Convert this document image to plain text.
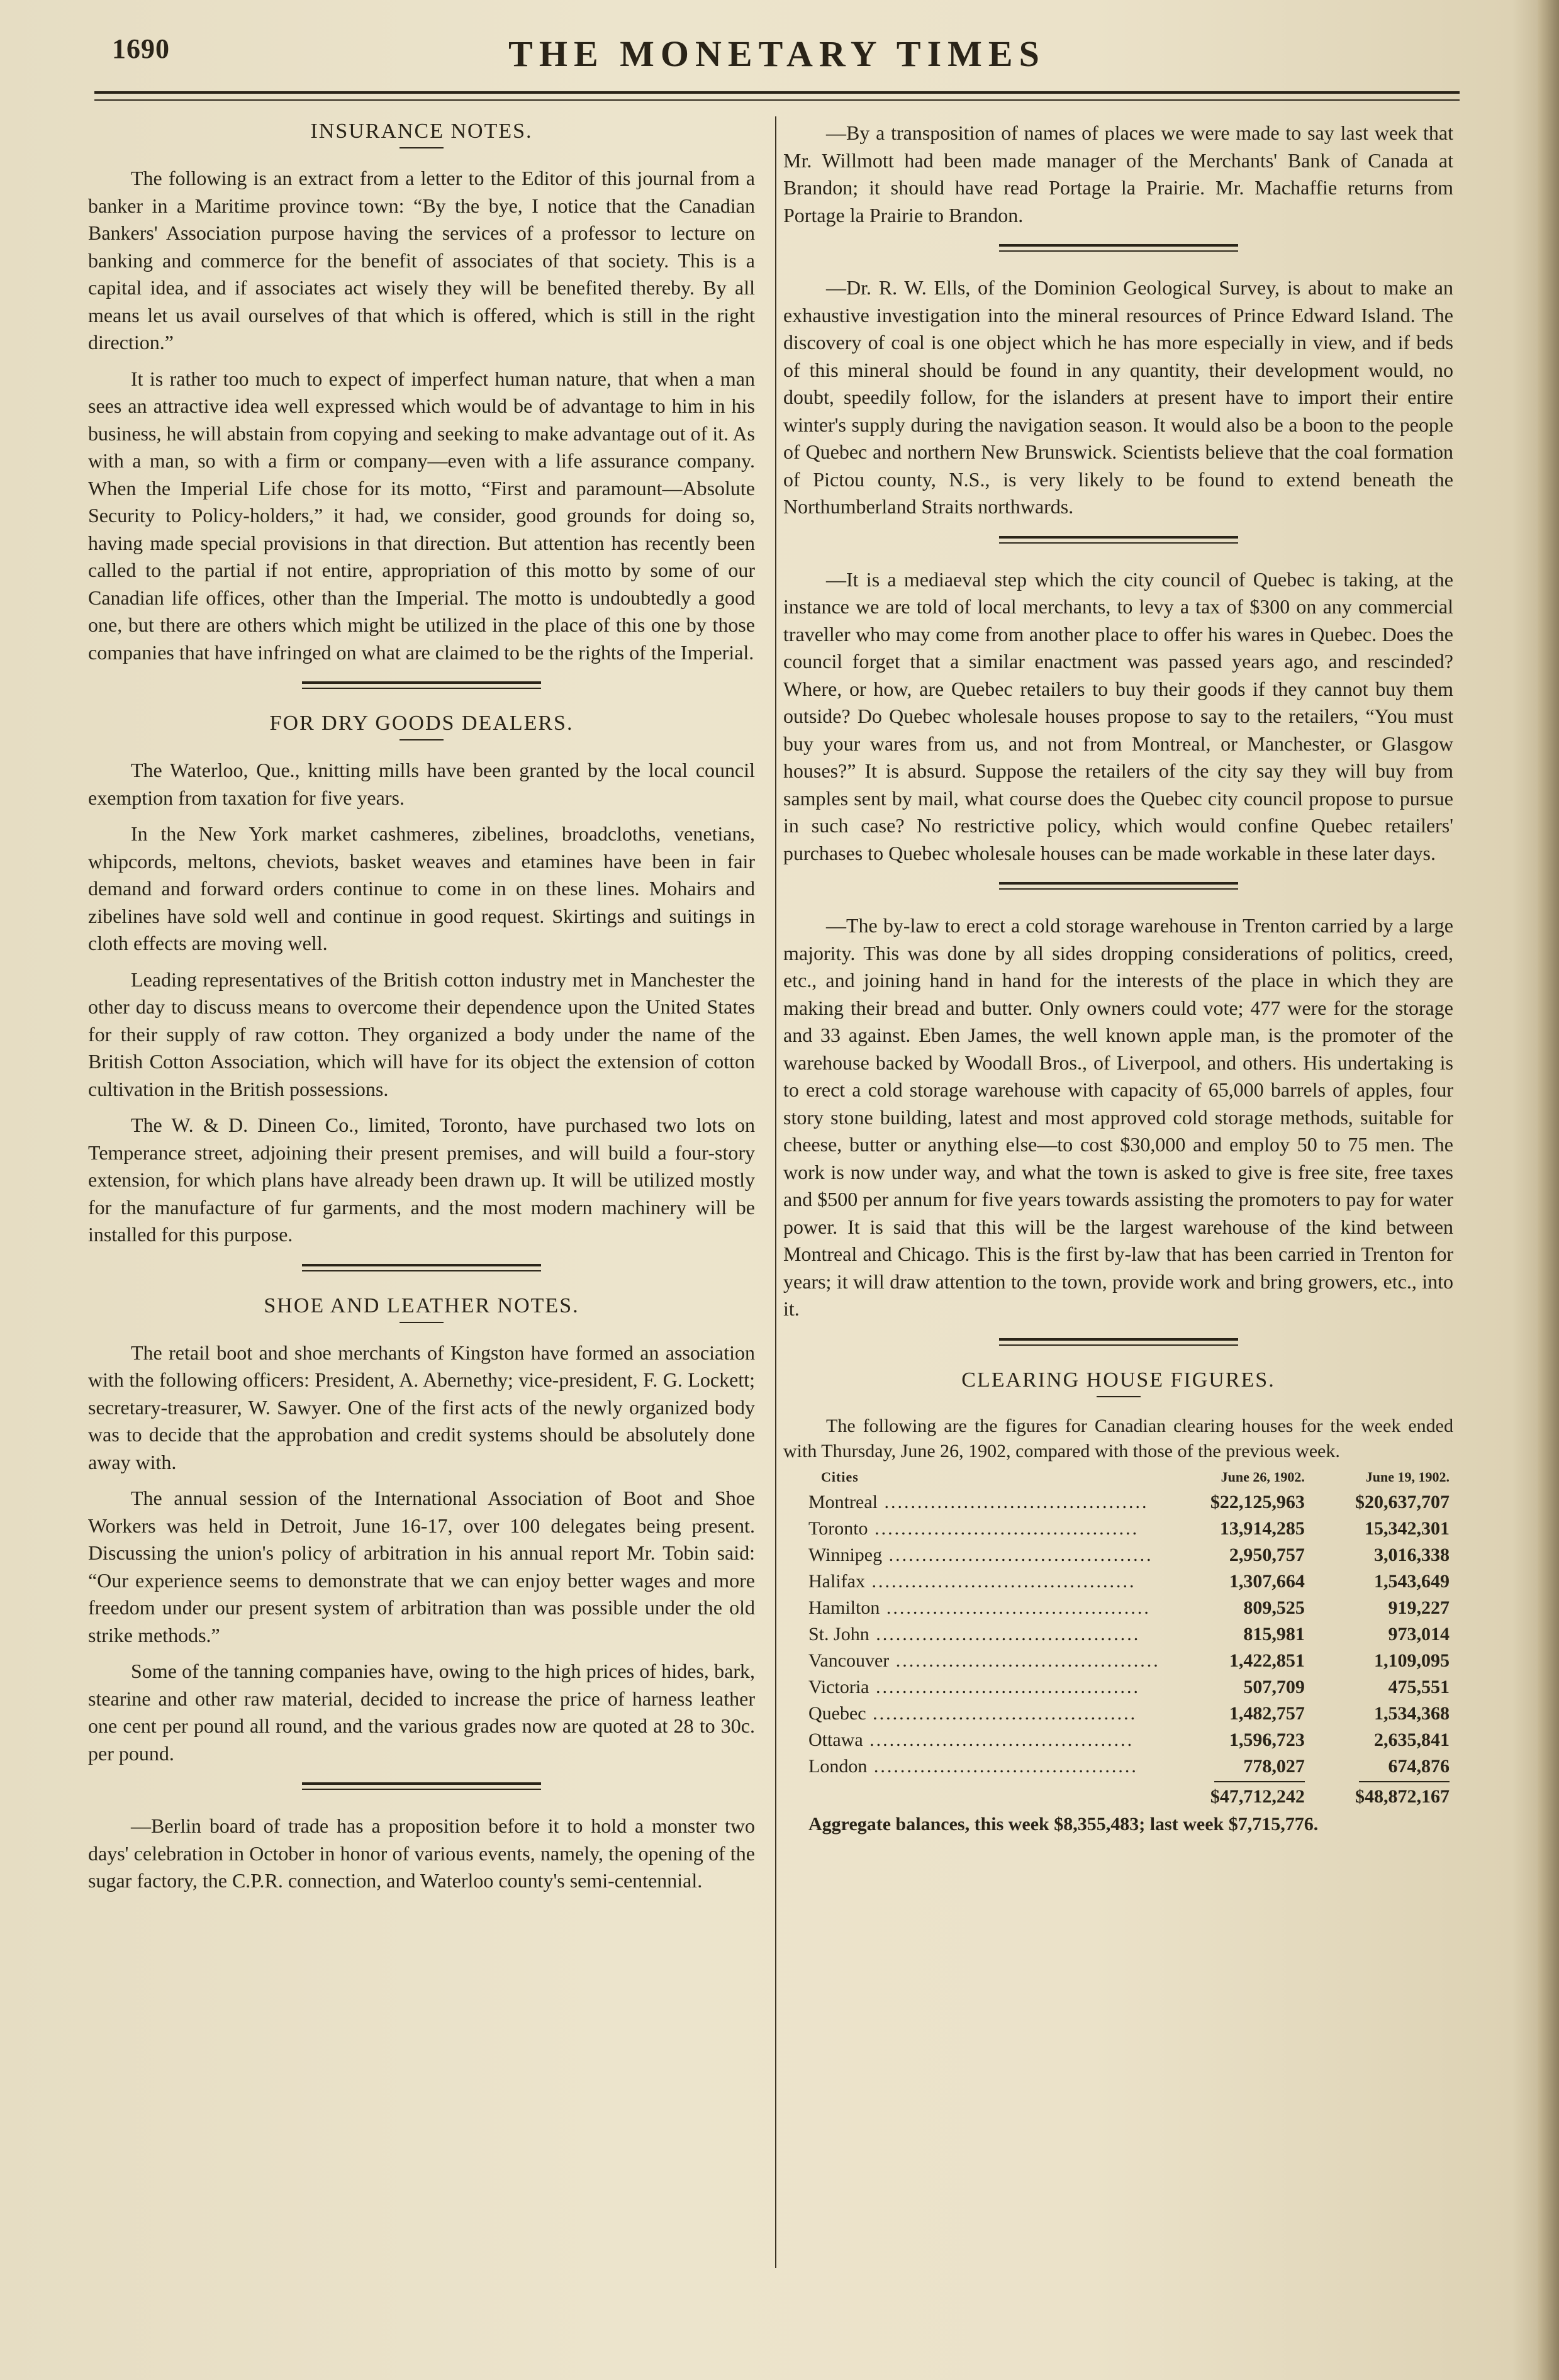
1690	THE MONETARY TIMES
INSURANCE NOTES.

The following is an extract from a letter to the Editor of this journal from a banker in a Maritime province town: “By the bye, I notice that the Canadian Bankers' Association purpose having the services of a professor to lecture on banking and commerce for the benefit of associates of that society. This is a capital idea, and if associates act wisely they will be benefited thereby. By all means let us avail ourselves of that which is offered, which is still in the right direction.”

It is rather too much to expect of imperfect human nature, that when a man sees an attractive idea well expressed which would be of advantage to him in his business, he will abstain from copying and seeking to make advantage out of it. As with a man, so with a firm or company—even with a life assurance company. When the Imperial Life chose for its motto, “First and paramount—Absolute Security to Policy-holders,” it had, we consider, good grounds for doing so, having made special provisions in that direction. But attention has recently been called to the partial if not entire, appropriation of this motto by some of our Canadian life offices, other than the Imperial. The motto is undoubtedly a good one, but there are others which might be utilized in the place of this one by those companies that have infringed on what are claimed to be the rights of the Imperial.

FOR DRY GOODS DEALERS.

The Waterloo, Que., knitting mills have been granted by the local council exemption from taxation for five years.

In the New York market cashmeres, zibelines, broadcloths, venetians, whipcords, meltons, cheviots, basket weaves and etamines have been in fair demand and forward orders continue to come in on these lines. Mohairs and zibelines have sold well and continue in good request. Skirtings and suitings in cloth effects are moving well.

Leading representatives of the British cotton industry met in Manchester the other day to discuss means to overcome their dependence upon the United States for their supply of raw cotton. They organized a body under the name of the British Cotton Association, which will have for its object the extension of cotton cultivation in the British possessions.

The W. & D. Dineen Co., limited, Toronto, have purchased two lots on Temperance street, adjoining their present premises, and will build a four-story extension, for which plans have already been drawn up. It will be utilized mostly for the manufacture of fur garments, and the most modern machinery will be installed for this purpose.

SHOE AND LEATHER NOTES.

The retail boot and shoe merchants of Kingston have formed an association with the following officers: President, A. Abernethy; vice-president, F. G. Lockett; secretary-treasurer, W. Sawyer. One of the first acts of the newly organized body was to decide that the approbation and credit systems should be absolutely done away with.

The annual session of the International Association of Boot and Shoe Workers was held in Detroit, June 16-17, over 100 delegates being present. Discussing the union's policy of arbitration in his annual report Mr. Tobin said: “Our experience seems to demonstrate that we can enjoy better wages and more freedom under our present system of arbitration than was possible under the old strike methods.”

Some of the tanning companies have, owing to the high prices of hides, bark, stearine and other raw material, decided to increase the price of harness leather one cent per pound all round, and the various grades now are quoted at 28 to 30c. per pound.

—Berlin board of trade has a proposition before it to hold a monster two days' celebration in October in honor of various events, namely, the opening of the sugar factory, the C.P.R. connection, and Waterloo county's semi-centennial.

—By a transposition of names of places we were made to say last week that Mr. Willmott had been made manager of the Merchants' Bank of Canada at Brandon; it should have read Portage la Prairie. Mr. Machaffie returns from Portage la Prairie to Brandon.

—Dr. R. W. Ells, of the Dominion Geological Survey, is about to make an exhaustive investigation into the mineral resources of Prince Edward Island. The discovery of coal is one object which he has more especially in view, and if beds of this mineral should be found in any quantity, their development would, no doubt, speedily follow, for the islanders at present have to import their entire winter's supply during the navigation season. It would also be a boon to the people of Quebec and northern New Brunswick. Scientists believe that the coal formation of Pictou county, N.S., is very likely to be found to extend beneath the Northumberland Straits northwards.

—It is a mediaeval step which the city council of Quebec is taking, at the instance we are told of local merchants, to levy a tax of $300 on any commercial traveller who may come from another place to offer his wares in Quebec. Does the council forget that a similar enactment was passed years ago, and rescinded? Where, or how, are Quebec retailers to buy their goods if they cannot buy them outside? Do Quebec wholesale houses propose to say to the retailers, “You must buy your wares from us, and not from Montreal, or Manchester, or Glasgow houses?” It is absurd. Suppose the retailers of the city say they will buy from samples sent by mail, what course does the Quebec city council propose to pursue in such case? No restrictive policy, which would confine Quebec retailers' purchases to Quebec wholesale houses can be made workable in these later days.

—The by-law to erect a cold storage warehouse in Trenton carried by a large majority. This was done by all sides dropping considerations of politics, creed, etc., and joining hand in hand for the interests of the place in which they are making their bread and butter. Only owners could vote; 477 were for the storage and 33 against. Eben James, the well known apple man, is the promoter of the warehouse backed by Woodall Bros., of Liverpool, and others. His undertaking is to erect a cold storage warehouse with capacity of 65,000 barrels of apples, four story stone building, latest and most approved cold storage methods, suitable for cheese, butter or anything else—to cost $30,000 and employ 50 to 75 men. The work is now under way, and what the town is asked to give is free site, free taxes and $500 per annum for five years towards assisting the promoters to pay for water power. It is said that this will be the largest warehouse of the kind between Montreal and Chicago. This is the first by-law that has been carried in Trenton for years; it will draw attention to the town, provide work and bring growers, etc., into it.

CLEARING HOUSE FIGURES.

The following are the figures for Canadian clearing houses for the week ended with Thursday, June 26, 1902, compared with those of the previous week.

Cities	June 26, 1902.	June 19, 1902.
Montreal ........................................	$22,125,963	$20,637,707
Toronto ........................................	13,914,285	15,342,301
Winnipeg ........................................	2,950,757	3,016,338
Halifax ........................................	1,307,664	1,543,649
Hamilton ........................................	809,525	919,227
St. John ........................................	815,981	973,014
Vancouver ........................................	1,422,851	1,109,095
Victoria ........................................	507,709	475,551
Quebec ........................................	1,482,757	1,534,368
Ottawa ........................................	1,596,723	2,635,841
London ........................................	778,027	674,876

	$47,712,242	$48,872,167
Aggregate balances, this week $8,355,483; last week $7,715,776.
